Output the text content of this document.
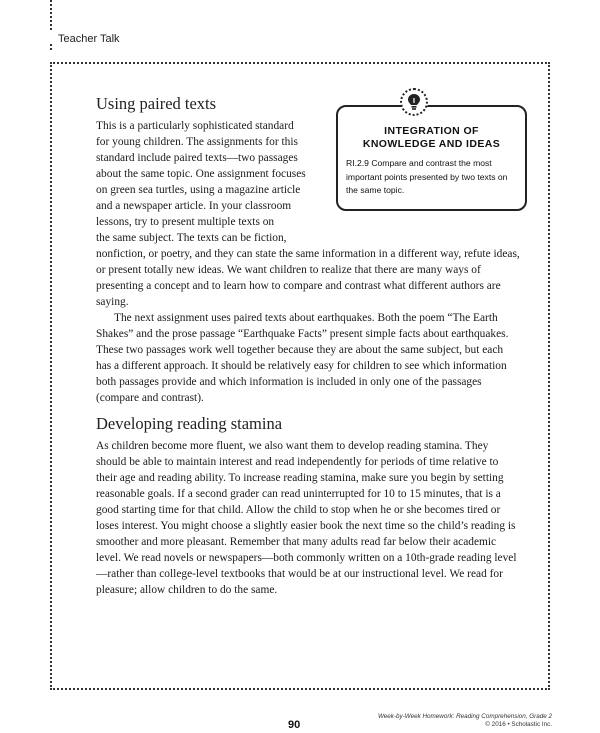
Teacher Talk
INTEGRATION OF
KNOWLEDGE AND IDEAS
RI.2.9 Compare and contrast the most important points presented by two texts on the same topic.
Using paired texts

This is a particularly sophisticated standard
for young children. The assignments for this
standard include paired texts—two passages
about the same topic. One assignment focuses
on green sea turtles, using a magazine article
and a newspaper article. In your classroom
lessons, try to present multiple texts on
the same subject. The texts can be fiction,
nonfiction, or poetry, and they can state the same information in a different way, refute ideas, or present totally new ideas. We want children to realize that there are many ways of presenting a concept and to learn how to compare and contrast what different authors are saying.

The next assignment uses paired texts about earthquakes. Both the poem “The Earth Shakes” and the prose passage “Earthquake Facts” present simple facts about earthquakes. These two passages work well together because they are about the same subject, but each has a different approach. It should be relatively easy for children to see which information both passages provide and which information is included in only one of the passages (compare and contrast).

Developing reading stamina

As children become more fluent, we also want them to develop reading stamina. They should be able to maintain interest and read independently for periods of time relative to their age and reading ability. To increase reading stamina, make sure you begin by setting reasonable goals. If a second grader can read uninterrupted for 10 to 15 minutes, that is a good starting time for that child. Allow the child to stop when he or she becomes tired or loses interest. You might choose a slightly easier book the next time so the child’s reading is smoother and more pleasant. Remember that many adults read far below their academic level. We read novels or newspapers—both commonly written on a 10th-grade reading level—rather than college-level textbooks that would be at our instructional level. We read for pleasure; allow children to do the same.

90
Week-by-Week Homework: Reading Comprehension, Grade 2
© 2016 • Scholastic Inc.
